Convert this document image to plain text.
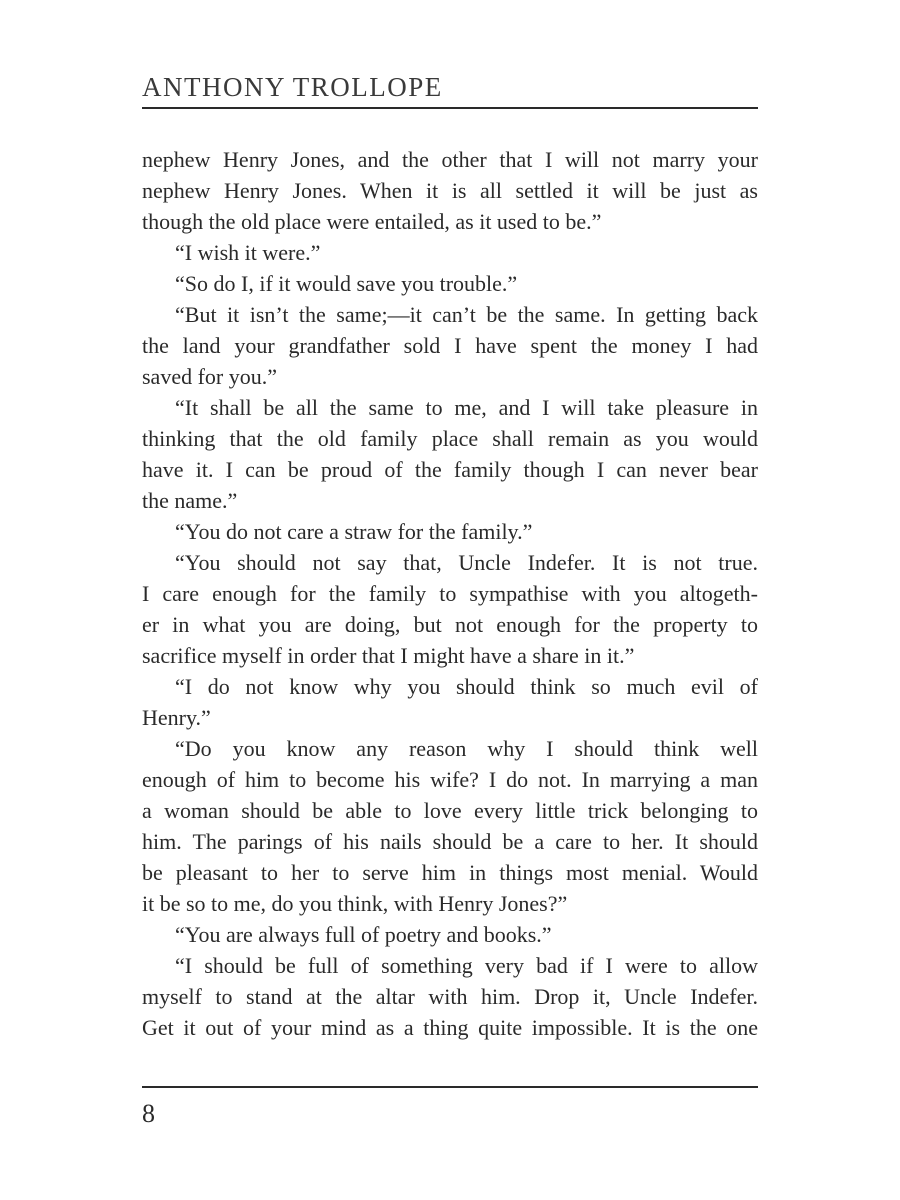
ANTHONY TROLLOPE
nephew Henry Jones, and the other that I will not marry your
nephew Henry Jones. When it is all settled it will be just as
though the old place were entailed, as it used to be.”
“I wish it were.”
“So do I, if it would save you trouble.”
“But it isn’t the same;—it can’t be the same. In getting back
the land your grandfather sold I have spent the money I had
saved for you.”
“It shall be all the same to me, and I will take pleasure in
thinking that the old family place shall remain as you would
have it. I can be proud of the family though I can never bear
the name.”
“You do not care a straw for the family.”
“You should not say that, Uncle Indefer. It is not true.
I care enough for the family to sympathise with you altogeth-
er in what you are doing, but not enough for the property to
sacrifice myself in order that I might have a share in it.”
“I do not know why you should think so much evil of
Henry.”
“Do you know any reason why I should think well
enough of him to become his wife? I do not. In marrying a man
a woman should be able to love every little trick belonging to
him. The parings of his nails should be a care to her. It should
be pleasant to her to serve him in things most menial. Would
it be so to me, do you think, with Henry Jones?”
“You are always full of poetry and books.”
“I should be full of something very bad if I were to allow
myself to stand at the altar with him. Drop it, Uncle Indefer.
Get it out of your mind as a thing quite impossible. It is the one
8
